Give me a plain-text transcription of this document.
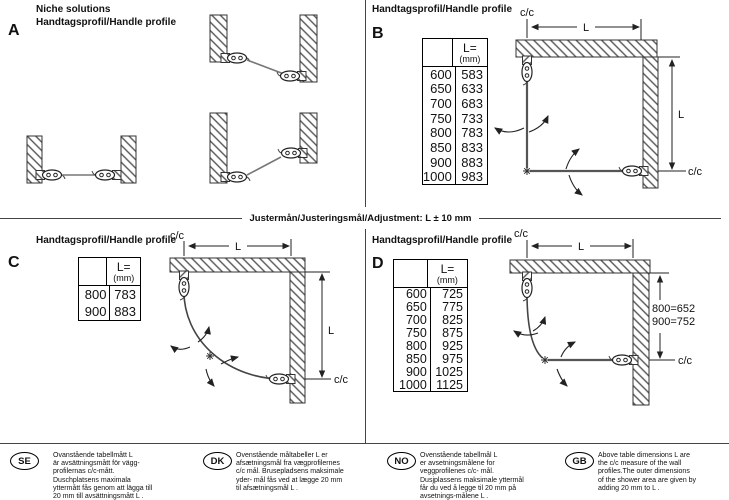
L
c/c
L
c/c
L
c/c
L
c/c
L
c/c
800=652
900=752
c/c
Niche solutions
Handtagsprofil/Handle profile
A
Handtagsprofil/Handle profile
B
Handtagsprofil/Handle profile
C
Handtagsprofil/Handle profile
D
L=
(mm)
600 583
650 633
700 683
750 733
800 783
850 833
900 883
1000 983
L=
(mm)
800 783
900 883
L=
(mm)
600	725
650	775
700	825
750	875
800	925
850	975
900 1025
1000 1125
Justermån/Justeringsmål/Adjustment: L ± 10 mm
SE	Ovanstående tabellmått L
är avsättningsmått för vägg-
profilernas c/c-mått.
Duschplatsens maximala
yttermått fås genom att lägga till
20 mm till avsättningsmått L .
DK	Ovenstående måltabeller L er
afsætningsmål fra vægprofilernes
c/c mål. Brusepladsens maksimale
yder- mål fås ved at lægge 20 mm
til afsætningsmål L .
NO	Ovenstående tabellmål L
er avsetningsmålene for
veggprofilenes c/c- mål.
Dusjplassens maksimale yttermål
får du ved å legge til 20 mm på
avsetnings-målene L .
GB	Above table dimensions L are
the c/c measure of the wall
profiles.The outer dimensions
of the shower area are given by
adding 20 mm to L .
